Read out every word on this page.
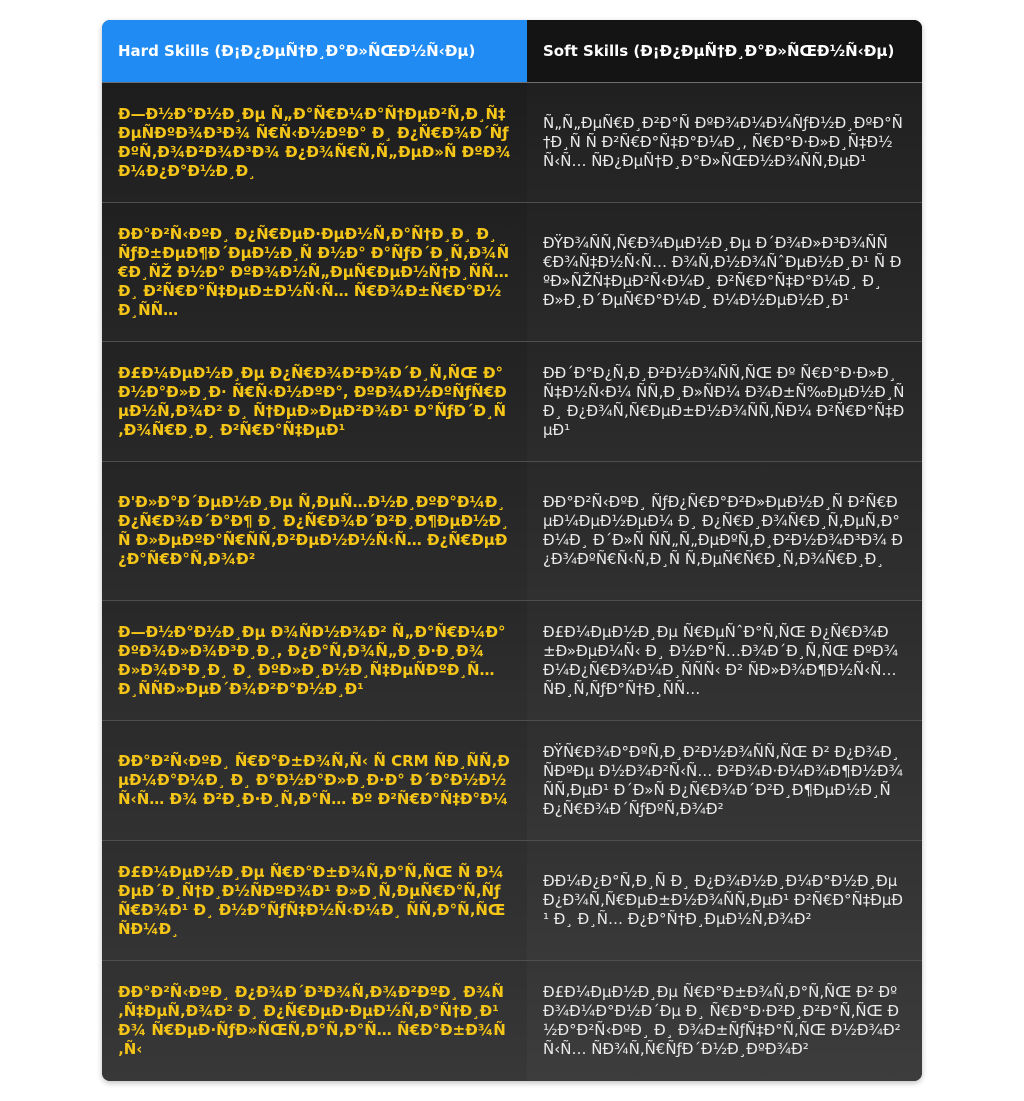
Hard Skills (Ð¡Ð¿ÐµÑ†Ð¸Ð°Ð»ÑŒÐ½Ñ‹Ðµ)	Soft Skills (Ð¡Ð¿ÐµÑ†Ð¸Ð°Ð»ÑŒÐ½Ñ‹Ðµ)
Ð—Ð½Ð°Ð½Ð¸Ðµ Ñ„Ð°Ñ€Ð¼Ð°Ñ†ÐµÐ²Ñ‚Ð¸Ñ‡ÐµÑÐºÐ¾Ð³Ð¾ Ñ€Ñ‹Ð½ÐºÐ° Ð¸ Ð¿Ñ€Ð¾Ð´ÑƒÐºÑ‚Ð¾Ð²Ð¾Ð³Ð¾ Ð¿Ð¾Ñ€Ñ‚Ñ„ÐµÐ»Ñ ÐºÐ¾Ð¼Ð¿Ð°Ð½Ð¸Ð¸
Ñ„Ñ„ÐµÑ€Ð¸Ð²Ð°Ñ ÐºÐ¾Ð¼Ð¼ÑƒÐ½Ð¸ÐºÐ°Ñ†Ð¸Ñ Ñ Ð²Ñ€Ð°Ñ‡Ð°Ð¼Ð¸, Ñ€Ð°Ð·Ð»Ð¸Ñ‡Ð½Ñ‹Ñ… ÑÐ¿ÐµÑ†Ð¸Ð°Ð»ÑŒÐ½Ð¾ÑÑ‚ÐµÐ¹
ÐÐ°Ð²Ñ‹ÐºÐ¸ Ð¿Ñ€ÐµÐ·ÐµÐ½Ñ‚Ð°Ñ†Ð¸Ð¸ Ð¸ ÑƒÐ±ÐµÐ¶Ð´ÐµÐ½Ð¸Ñ Ð½Ð° Ð°ÑƒÐ´Ð¸Ñ‚Ð¾Ñ€Ð¸ÑŽ Ð½Ð° ÐºÐ¾Ð½Ñ„ÐµÑ€ÐµÐ½Ñ†Ð¸ÑÑ… Ð¸ Ð²Ñ€Ð°Ñ‡ÐµÐ±Ð½Ñ‹Ñ… Ñ€Ð¾Ð±Ñ€Ð°Ð½Ð¸ÑÑ…
ÐŸÐ¾ÑÑ‚Ñ€Ð¾ÐµÐ½Ð¸Ðµ Ð´Ð¾Ð»Ð³Ð¾ÑÑ€Ð¾Ñ‡Ð½Ñ‹Ñ… Ð¾Ñ‚Ð½Ð¾ÑˆÐµÐ½Ð¸Ð¹ Ñ ÐºÐ»ÑŽÑ‡ÐµÐ²Ñ‹Ð¼Ð¸ Ð²Ñ€Ð°Ñ‡Ð°Ð¼Ð¸ Ð¸ Ð»Ð¸Ð´ÐµÑ€Ð°Ð¼Ð¸ Ð¼Ð½ÐµÐ½Ð¸Ð¹
Ð£Ð¼ÐµÐ½Ð¸Ðµ Ð¿Ñ€Ð¾Ð²Ð¾Ð´Ð¸Ñ‚ÑŒ Ð°Ð½Ð°Ð»Ð¸Ð· Ñ€Ñ‹Ð½ÐºÐ°, ÐºÐ¾Ð½ÐºÑƒÑ€ÐµÐ½Ñ‚Ð¾Ð² Ð¸ Ñ†ÐµÐ»ÐµÐ²Ð¾Ð¹ Ð°ÑƒÐ´Ð¸Ñ‚Ð¾Ñ€Ð¸Ð¸ Ð²Ñ€Ð°Ñ‡ÐµÐ¹
ÐÐ´Ð°Ð¿Ñ‚Ð¸Ð²Ð½Ð¾ÑÑ‚ÑŒ Ðº Ñ€Ð°Ð·Ð»Ð¸Ñ‡Ð½Ñ‹Ð¼ ÑÑ‚Ð¸Ð»ÑÐ¼ Ð¾Ð±Ñ‰ÐµÐ½Ð¸Ñ Ð¸ Ð¿Ð¾Ñ‚Ñ€ÐµÐ±Ð½Ð¾ÑÑ‚ÑÐ¼ Ð²Ñ€Ð°Ñ‡ÐµÐ¹
Ð'Ð»Ð°Ð´ÐµÐ½Ð¸Ðµ Ñ‚ÐµÑ…Ð½Ð¸ÐºÐ°Ð¼Ð¸ Ð¿Ñ€Ð¾Ð´Ð°Ð¶ Ð¸ Ð¿Ñ€Ð¾Ð´Ð²Ð¸Ð¶ÐµÐ½Ð¸Ñ Ð»ÐµÐºÐ°Ñ€ÑÑ‚Ð²ÐµÐ½Ð½Ñ‹Ñ… Ð¿Ñ€ÐµÐ¿Ð°Ñ€Ð°Ñ‚Ð¾Ð²
ÐÐ°Ð²Ñ‹ÐºÐ¸ ÑƒÐ¿Ñ€Ð°Ð²Ð»ÐµÐ½Ð¸Ñ Ð²Ñ€ÐµÐ¼ÐµÐ½ÐµÐ¼ Ð¸ Ð¿Ñ€Ð¸Ð¾Ñ€Ð¸Ñ‚ÐµÑ‚Ð°Ð¼Ð¸ Ð´Ð»Ñ ÑÑ„Ñ„ÐµÐºÑ‚Ð¸Ð²Ð½Ð¾Ð³Ð¾ Ð¿Ð¾ÐºÑ€Ñ‹Ñ‚Ð¸Ñ Ñ‚ÐµÑ€Ñ€Ð¸Ñ‚Ð¾Ñ€Ð¸Ð¸
Ð—Ð½Ð°Ð½Ð¸Ðµ Ð¾ÑÐ½Ð¾Ð² Ñ„Ð°Ñ€Ð¼Ð°ÐºÐ¾Ð»Ð¾Ð³Ð¸Ð¸, Ð¿Ð°Ñ‚Ð¾Ñ„Ð¸Ð·Ð¸Ð¾Ð»Ð¾Ð³Ð¸Ð¸ Ð¸ ÐºÐ»Ð¸Ð½Ð¸Ñ‡ÐµÑÐºÐ¸Ñ… Ð¸ÑÑÐ»ÐµÐ´Ð¾Ð²Ð°Ð½Ð¸Ð¹
Ð£Ð¼ÐµÐ½Ð¸Ðµ Ñ€ÐµÑˆÐ°Ñ‚ÑŒ Ð¿Ñ€Ð¾Ð±Ð»ÐµÐ¼Ñ‹ Ð¸ Ð½Ð°Ñ…Ð¾Ð´Ð¸Ñ‚ÑŒ ÐºÐ¾Ð¼Ð¿Ñ€Ð¾Ð¼Ð¸ÑÑÑ‹ Ð² ÑÐ»Ð¾Ð¶Ð½Ñ‹Ñ… ÑÐ¸Ñ‚ÑƒÐ°Ñ†Ð¸ÑÑ…
ÐÐ°Ð²Ñ‹ÐºÐ¸ Ñ€Ð°Ð±Ð¾Ñ‚Ñ‹ Ñ CRM ÑÐ¸ÑÑ‚ÐµÐ¼Ð°Ð¼Ð¸ Ð¸ Ð°Ð½Ð°Ð»Ð¸Ð·Ð° Ð´Ð°Ð½Ð½Ñ‹Ñ… Ð¾ Ð²Ð¸Ð·Ð¸Ñ‚Ð°Ñ… Ðº Ð²Ñ€Ð°Ñ‡Ð°Ð¼
ÐŸÑ€Ð¾Ð°ÐºÑ‚Ð¸Ð²Ð½Ð¾ÑÑ‚ÑŒ Ð² Ð¿Ð¾Ð¸ÑÐºÐµ Ð½Ð¾Ð²Ñ‹Ñ… Ð²Ð¾Ð·Ð¼Ð¾Ð¶Ð½Ð¾ÑÑ‚ÐµÐ¹ Ð´Ð»Ñ Ð¿Ñ€Ð¾Ð´Ð²Ð¸Ð¶ÐµÐ½Ð¸Ñ Ð¿Ñ€Ð¾Ð´ÑƒÐºÑ‚Ð¾Ð²
Ð£Ð¼ÐµÐ½Ð¸Ðµ Ñ€Ð°Ð±Ð¾Ñ‚Ð°Ñ‚ÑŒ Ñ Ð¼ÐµÐ´Ð¸Ñ†Ð¸Ð½ÑÐºÐ¾Ð¹ Ð»Ð¸Ñ‚ÐµÑ€Ð°Ñ‚ÑƒÑ€Ð¾Ð¹ Ð¸ Ð½Ð°ÑƒÑ‡Ð½Ñ‹Ð¼Ð¸ ÑÑ‚Ð°Ñ‚ÑŒÑÐ¼Ð¸
ÐÐ¼Ð¿Ð°Ñ‚Ð¸Ñ Ð¸ Ð¿Ð¾Ð½Ð¸Ð¼Ð°Ð½Ð¸Ðµ Ð¿Ð¾Ñ‚Ñ€ÐµÐ±Ð½Ð¾ÑÑ‚ÐµÐ¹ Ð²Ñ€Ð°Ñ‡ÐµÐ¹ Ð¸ Ð¸Ñ… Ð¿Ð°Ñ†Ð¸ÐµÐ½Ñ‚Ð¾Ð²
ÐÐ°Ð²Ñ‹ÐºÐ¸ Ð¿Ð¾Ð´Ð³Ð¾Ñ‚Ð¾Ð²ÐºÐ¸ Ð¾Ñ‚Ñ‡ÐµÑ‚Ð¾Ð² Ð¸ Ð¿Ñ€ÐµÐ·ÐµÐ½Ñ‚Ð°Ñ†Ð¸Ð¹ Ð¾ Ñ€ÐµÐ·ÑƒÐ»ÑŒÑ‚Ð°Ñ‚Ð°Ñ… Ñ€Ð°Ð±Ð¾Ñ‚Ñ‹
Ð£Ð¼ÐµÐ½Ð¸Ðµ Ñ€Ð°Ð±Ð¾Ñ‚Ð°Ñ‚ÑŒ Ð² ÐºÐ¾Ð¼Ð°Ð½Ð´Ðµ Ð¸ Ñ€Ð°Ð·Ð²Ð¸Ð²Ð°Ñ‚ÑŒ Ð½Ð°Ð²Ñ‹ÐºÐ¸ Ð¸ Ð¾Ð±ÑƒÑ‡Ð°Ñ‚ÑŒ Ð½Ð¾Ð²Ñ‹Ñ… ÑÐ¾Ñ‚Ñ€ÑƒÐ´Ð½Ð¸ÐºÐ¾Ð²
